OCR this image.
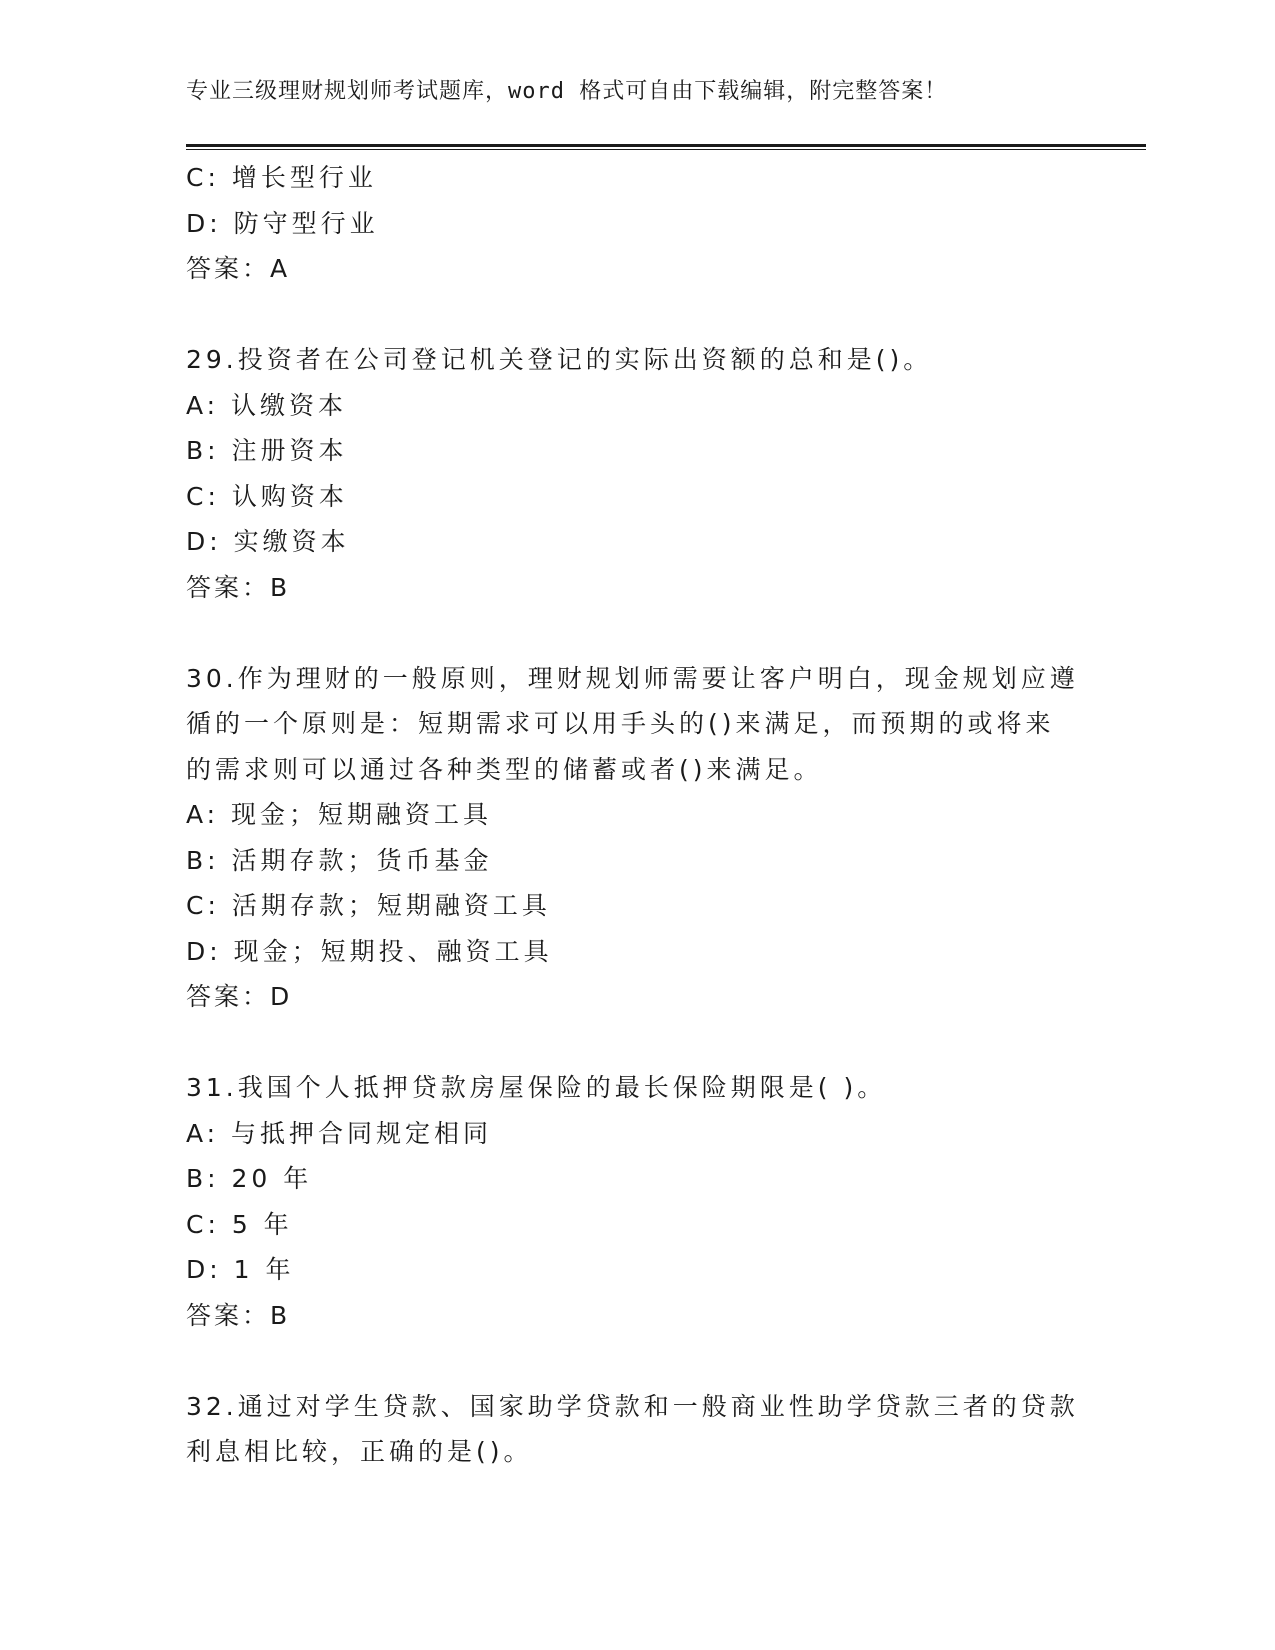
专业三级理财规划师考试题库，word 格式可自由下载编辑，附完整答案！

C: 增长型行业

D: 防守型行业

答案：A

29.投资者在公司登记机关登记的实际出资额的总和是()。

A: 认缴资本

B: 注册资本

C: 认购资本

D: 实缴资本

答案：B

30.作为理财的一般原则，理财规划师需要让客户明白，现金规划应遵

循的一个原则是：短期需求可以用手头的()来满足，而预期的或将来

的需求则可以通过各种类型的储蓄或者()来满足。

A: 现金；短期融资工具

B: 活期存款；货币基金

C: 活期存款；短期融资工具

D: 现金；短期投、融资工具

答案：D

31.我国个人抵押贷款房屋保险的最长保险期限是( )。

A: 与抵押合同规定相同

B: 20 年

C: 5 年

D: 1 年

答案：B

32.通过对学生贷款、国家助学贷款和一般商业性助学贷款三者的贷款

利息相比较，正确的是()。
